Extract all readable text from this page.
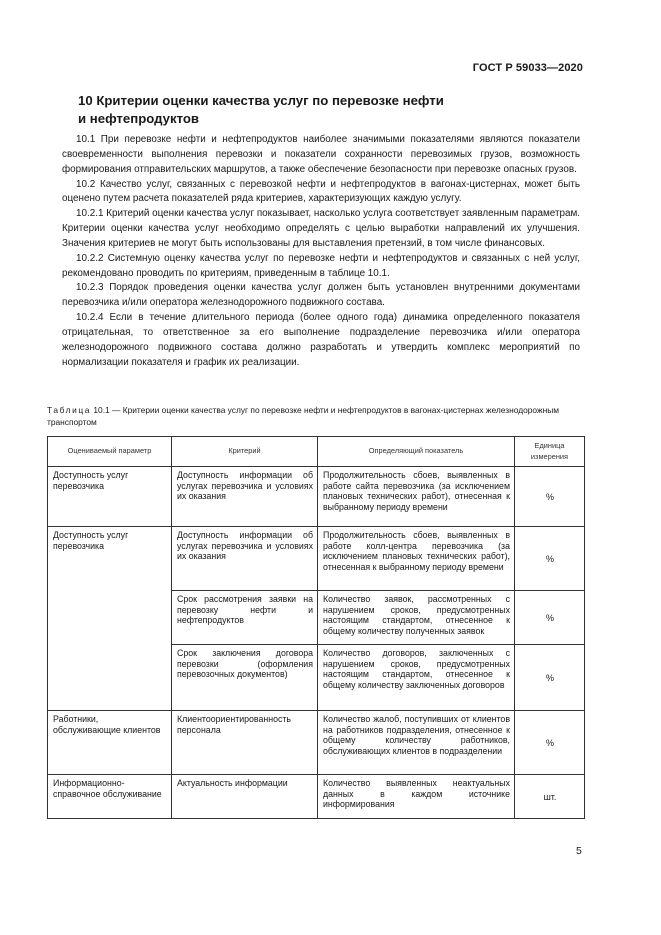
ГОСТ Р 59033—2020
10 Критерии оценки качества услуг по перевозке нефти
и нефтепродуктов

10.1 При перевозке нефти и нефтепродуктов наиболее значимыми показателями являются показатели своевременности выполнения перевозки и показатели сохранности перевозимых грузов, возможность формирования отправительских маршрутов, а также обеспечение безопасности при перевозке опасных грузов.

10.2 Качество услуг, связанных с перевозкой нефти и нефтепродуктов в вагонах-цистернах, может быть оценено путем расчета показателей ряда критериев, характеризующих каждую услугу.

10.2.1 Критерий оценки качества услуг показывает, насколько услуга соответствует заявленным параметрам. Критерии оценки качества услуг необходимо определять с целью выработки направлений их улучшения. Значения критериев не могут быть использованы для выставления претензий, в том числе финансовых.

10.2.2 Системную оценку качества услуг по перевозке нефти и нефтепродуктов и связанных с ней услуг, рекомендовано проводить по критериям, приведенным в таблице 10.1.

10.2.3 Порядок проведения оценки качества услуг должен быть установлен внутренними документами перевозчика и/или оператора железнодорожного подвижного состава.

10.2.4 Если в течение длительного периода (более одного года) динамика определенного показателя отрицательная, то ответственное за его выполнение подразделение перевозчика и/или оператора железнодорожного подвижного состава должно разработать и утвердить комплекс мероприятий по нормализации показателя и график их реализации.

Таблица 10.1 — Критерии оценки качества услуг по перевозке нефти и нефтепродуктов в вагонах-цистернах железнодорожным транспортом
Оцениваемый параметр	Критерий	Определяющий показатель	Единица измерения
Доступность услуг перевозчика	Доступность информации об услугах перевозчика и условиях их оказания	Продолжительность сбоев, выявленных в работе сайта перевозчика (за исключением плановых технических работ), отнесенная к выбранному периоду времени	%
Доступность услуг перевозчика	Доступность информации об услугах перевозчика и условиях их оказания	Продолжительность сбоев, выявленных в работе колл-центра перевозчика (за исключением плановых технических работ), отнесенная к выбранному периоду времени	%
	Срок рассмотрения заявки на перевозку нефти и нефтепродуктов	Количество заявок, рассмотренных с нарушением сроков, предусмотренных настоящим стандартом, отнесенное к общему количеству полученных заявок	%
	Срок заключения договора перевозки (оформления перевозочных документов)	Количество договоров, заключенных с нарушением сроков, предусмотренных настоящим стандартом, отнесенное к общему количеству заключенных договоров	%
Работники, обслуживающие клиентов	Клиентоориентированность персонала	Количество жалоб, поступивших от клиентов на работников подразделения, отнесенное к общему количеству работников, обслуживающих клиентов в подразделении	%
Информационно-справочное обслуживание	Актуальность информации	Количество выявленных неактуальных данных в каждом источнике информирования	шт.
5
